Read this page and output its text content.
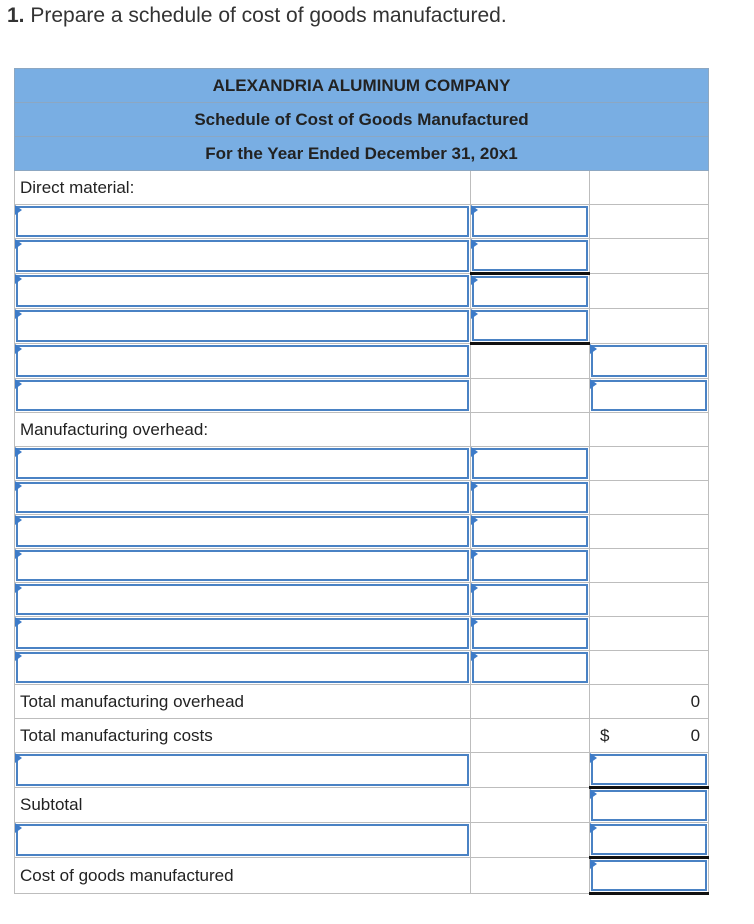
1. Prepare a schedule of cost of goods manufactured.
ALEXANDRIA ALUMINUM COMPANY		
Schedule of Cost of Goods Manufactured		
For the Year Ended December 31, 20x1		
Direct material:		

Manufacturing overhead:		

Total manufacturing overhead		0
Total manufacturing costs		$ 0

Subtotal		

Cost of goods manufactured		
